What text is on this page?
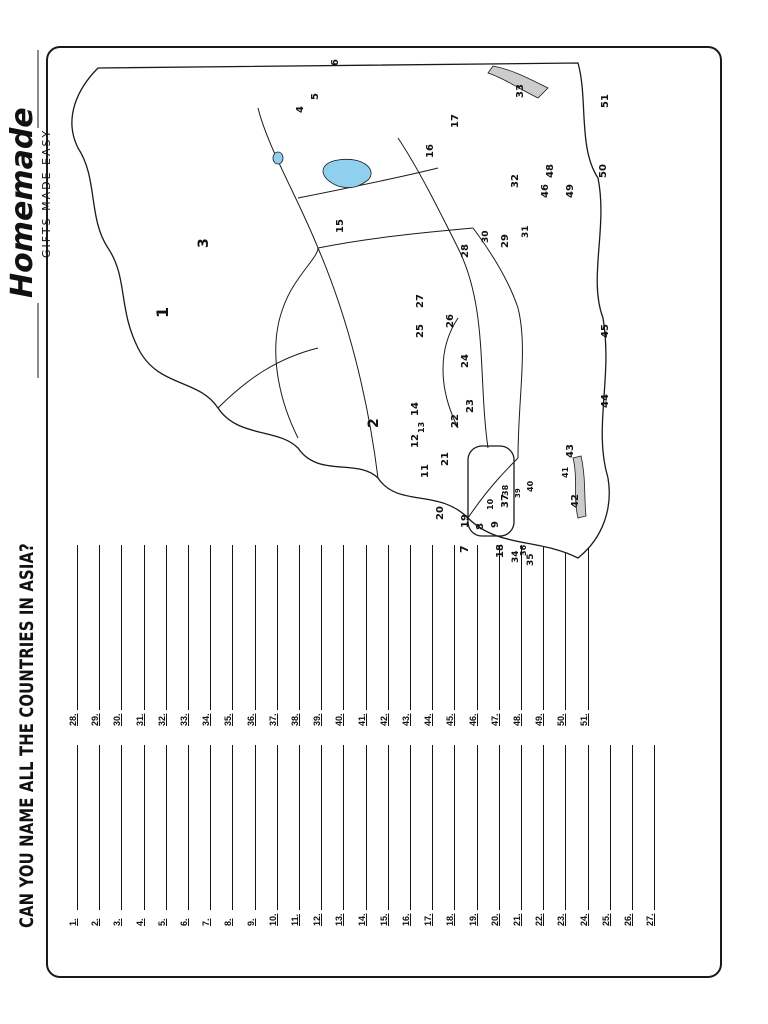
CAN YOU NAME ALL THE COUNTRIES IN ASIA?	1. 2. 3. 4. 5. 6. 7. 8. 9. 10. 11. 12. 13. 14. 15. 16. 17. 18. 19. 20. 21. 22. 23. 24. 25. 26. 27.
28. 29. 30. 31. 32. 33. 34. 35. 36. 37. 38. 39. 40. 41. 42. 43. 44. 45. 46. 47. 48. 49. 50. 51.
1
2
3
4
5
6
7
8 9
10
11
12
13
14
15
16
17
18
19
20
21
22
23
24
25
26
27
28
29
30	31
32
33
34 35
36
37
38 39
40
41
42
43
44
45
46
48
49
50
51
Homemade GIFTS MADE EASY
